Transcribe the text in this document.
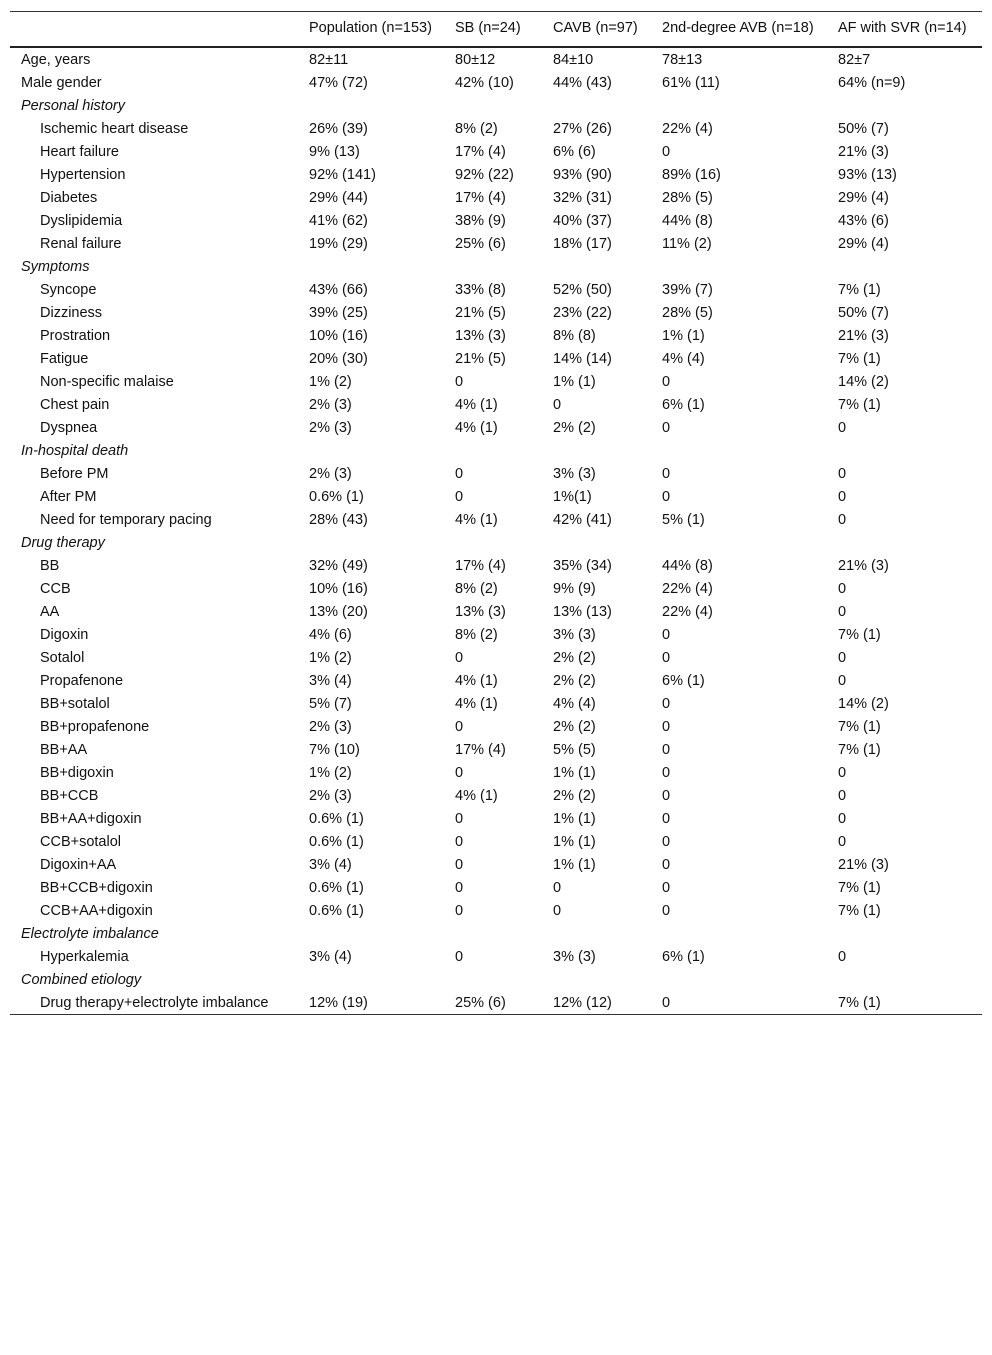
	Population (n=153)	SB (n=24)	CAVB (n=97)	2nd-degree AVB (n=18)	AF with SVR (n=14)
Age, years	82±11	80±12	84±10	78±13	82±7
Male gender	47% (72)	42% (10)	44% (43)	61% (11)	64% (n=9)
Personal history					
Ischemic heart disease	26% (39)	8% (2)	27% (26)	22% (4)	50% (7)
Heart failure	9% (13)	17% (4)	6% (6)	0	21% (3)
Hypertension	92% (141)	92% (22)	93% (90)	89% (16)	93% (13)
Diabetes	29% (44)	17% (4)	32% (31)	28% (5)	29% (4)
Dyslipidemia	41% (62)	38% (9)	40% (37)	44% (8)	43% (6)
Renal failure	19% (29)	25% (6)	18% (17)	11% (2)	29% (4)
Symptoms					
Syncope	43% (66)	33% (8)	52% (50)	39% (7)	7% (1)
Dizziness	39% (25)	21% (5)	23% (22)	28% (5)	50% (7)
Prostration	10% (16)	13% (3)	8% (8)	1% (1)	21% (3)
Fatigue	20% (30)	21% (5)	14% (14)	4% (4)	7% (1)
Non-specific malaise	1% (2)	0	1% (1)	0	14% (2)
Chest pain	2% (3)	4% (1)	0	6% (1)	7% (1)
Dyspnea	2% (3)	4% (1)	2% (2)	0	0
In-hospital death					
Before PM	2% (3)	0	3% (3)	0	0
After PM	0.6% (1)	0	1%(1)	0	0
Need for temporary pacing	28% (43)	4% (1)	42% (41)	5% (1)	0
Drug therapy					
BB	32% (49)	17% (4)	35% (34)	44% (8)	21% (3)
CCB	10% (16)	8% (2)	9% (9)	22% (4)	0
AA	13% (20)	13% (3)	13% (13)	22% (4)	0
Digoxin	4% (6)	8% (2)	3% (3)	0	7% (1)
Sotalol	1% (2)	0	2% (2)	0	0
Propafenone	3% (4)	4% (1)	2% (2)	6% (1)	0
BB+sotalol	5% (7)	4% (1)	4% (4)	0	14% (2)
BB+propafenone	2% (3)	0	2% (2)	0	7% (1)
BB+AA	7% (10)	17% (4)	5% (5)	0	7% (1)
BB+digoxin	1% (2)	0	1% (1)	0	0
BB+CCB	2% (3)	4% (1)	2% (2)	0	0
BB+AA+digoxin	0.6% (1)	0	1% (1)	0	0
CCB+sotalol	0.6% (1)	0	1% (1)	0	0
Digoxin+AA	3% (4)	0	1% (1)	0	21% (3)
BB+CCB+digoxin	0.6% (1)	0	0	0	7% (1)
CCB+AA+digoxin	0.6% (1)	0	0	0	7% (1)
Electrolyte imbalance					
Hyperkalemia	3% (4)	0	3% (3)	6% (1)	0
Combined etiology					
Drug therapy+electrolyte imbalance	12% (19)	25% (6)	12% (12)	0	7% (1)
